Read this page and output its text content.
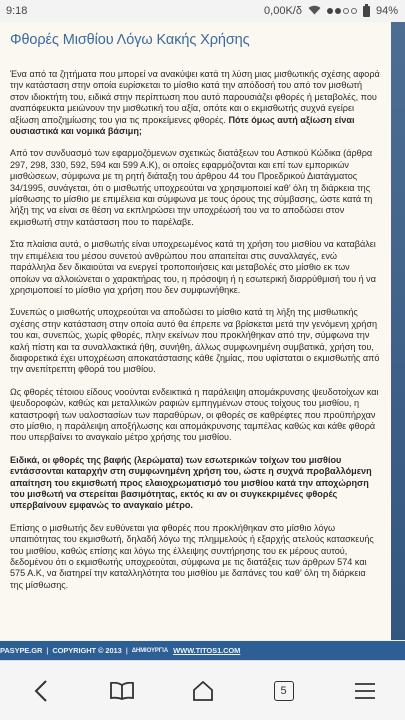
9:18	0,00K/δ	94%
Φθορές Μισθίου Λόγω Κακής Χρήσης

Ένα από τα ζητήματα που μπορεί να ανακύψει κατά τη λύση μιας μισθωτικής σχέσης αφορά την κατάσταση στην οποία ευρίσκεται το μίσθιο κατά την απόδοσή του από τον μισθωτή στον ιδιοκτήτη του, ειδικά στην περίπτωση που αυτό παρουσιάζει φθορές ή μεταβολές, που αναπόφευκτα μειώνουν την μισθωτική του αξία, οπότε και ο εκμισθωτής συχνά εγείρει αξίωση αποζημίωσης του για τις προκείμενες φθορές. Πότε όμως αυτή αξίωση είναι ουσιαστικά και νομικά βάσιμη;

Από τον συνδυασμό των εφαρμοζόμενων σχετικώς διατάξεων του Αστικού Κώδικα (άρθρα 297, 298, 330, 592, 594 και 599 Α.Κ), οι οποίες εφαρμόζονται και επί των εμπορικών μισθώσεων, σύμφωνα με τη ρητή διάταξη του άρθρου 44 του Προεδρικού Διατάγματος 34/1995, συνάγεται, ότι ο μισθωτής υποχρεούται να χρησιμοποιεί καθ’ όλη τη διάρκεια της μίσθωσης το μίσθιο με επιμέλεια και σύμφωνα με τους όρους της σύμβασης, ώστε κατά τη λήξη της να είναι σε θέση να εκπληρώσει την υποχρέωσή του να το αποδώσει στον εκμισθωτή στην κατάσταση που το παρέλαβε.

Στα πλαίσια αυτά, ο μισθωτής είναι υποχρεωμένος κατά τη χρήση του μισθίου να καταβάλει την επιμέλεια του μέσου συνετού ανθρώπου που απαιτείται στις συναλλαγές, ενώ παράλληλα δεν δικαιούται να ενεργεί τροποποιήσεις και μεταβολές στο μίσθιο εκ των οποίων να αλλοιώνεται ο χαρακτήρας του, η πρόσοψη ή η εσωτερική διαρρύθμισή του ή να χρησιμοποιεί το μίσθιο για χρήση που δεν συμφωνήθηκε.

Συνεπώς ο μισθωτής υποχρεούται να αποδώσει το μίσθιο κατά τη λήξη της μισθωτικής σχέσης στην κατάσταση στην οποία αυτό θα έπρεπε να βρίσκεται μετά την γενόμενη χρήση του και, συνεπώς, χωρίς φθορές, πλην εκείνων που προκλήθηκαν από την, σύμφωνα την καλή πίστη και τα συναλλακτικά ήθη, συνήθη, άλλως συμφωνημένη συμβατικά, χρήση του, διαφορετικά έχει υποχρέωση αποκατάστασης κάθε ζημίας, που υφίσταται ο εκμισθωτής από την ανεπίτρεπτη φθορά του μισθίου.

Ως φθορές τέτοιου είδους νοούνται ενδεικτικά η παράλειψη απομάκρυνσης ψευδοτοίχων και ψευδοροφών, καθώς και μεταλλικών ραφιών εμπηγμένων στους τοίχους του μισθίου, η καταστροφή των υαλοστασίων των παραθύρων, οι φθορές σε καθρέφτες που προϋπήρχαν στο μίσθιο, η παράλειψη αποξήλωσης και απομάκρυνσης ταμπέλας καθώς και κάθε φθορά που υπερβαίνει το αναγκαίο μέτρο χρήσης του μισθίου.

Ειδικά, οι φθορές της βαφής (λερώματα) των εσωτερικών τοίχων του μισθίου εντάσσονται καταρχήν στη συμφωνημένη χρήση του, ώστε η συχνά προβαλλόμενη απαίτηση του εκμισθωτή προς ελαιοχρωματισμό του μισθίου κατά την αποχώρηση του μισθωτή να στερείται βασιμότητας, εκτός κι αν οι συγκεκριμένες φθορές υπερβαίνουν εμφανώς το αναγκαίο μέτρο.

Επίσης ο μισθωτής δεν ευθύνεται για φθορές που προκλήθηκαν στο μίσθιο λόγω υπαιτιότητας του εκμισθωτή, δηλαδή λόγω της πλημμελούς ή εξαρχής ατελούς κατασκευής του μισθίου, καθώς επίσης και λόγω της έλλειψης συντήρησης του εκ μέρους αυτού, δεδομένου ότι ο εκμισθωτής υποχρεούται, σύμφωνα με τις διατάξεις των άρθρων 574 και 575 Α.Κ, να διατηρεί την καταλληλότητα του μισθίου με δαπάνες του καθ’ όλη τη διάρκεια της μίσθωσης.

PASYPE.GR | COPYRIGHT © 2013 | ΔΗΜΙΟΥΡΓΙΑ WWW.TITOS1.COM
5
